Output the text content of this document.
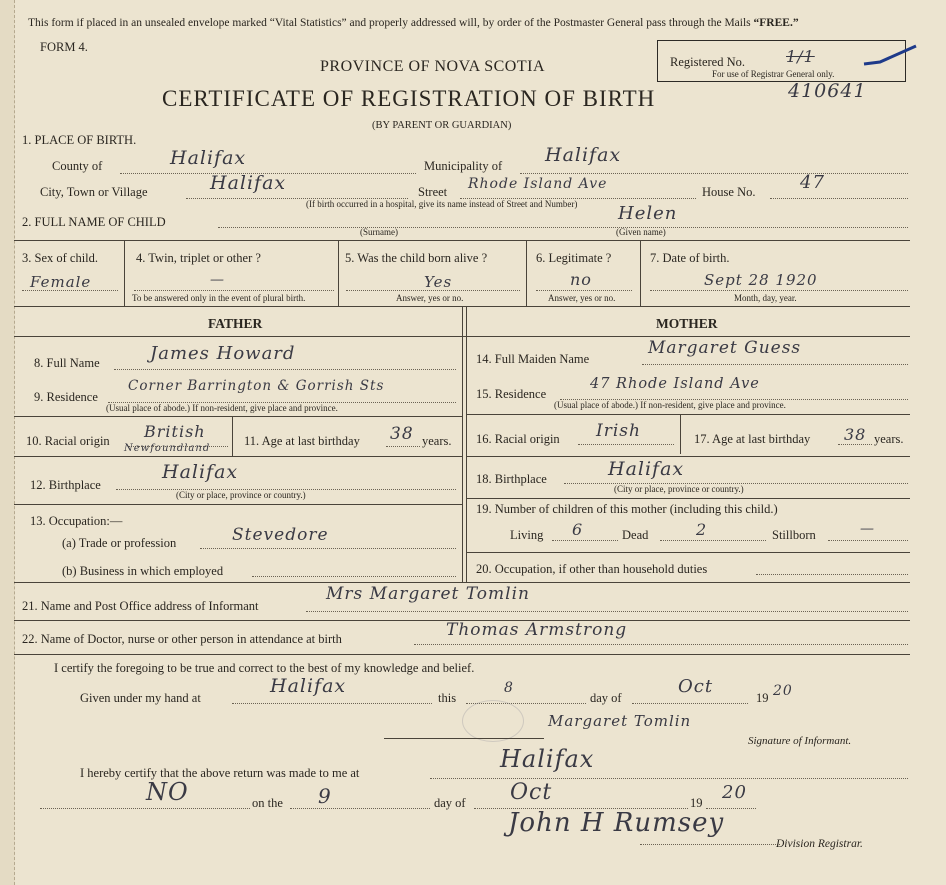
This form if placed in an unsealed envelope marked “Vital Statistics” and properly addressed will, by order of the Postmaster General pass through the Mails “FREE.”
FORM 4.
PROVINCE OF NOVA SCOTIA
CERTIFICATE OF REGISTRATION OF BIRTH
(BY PARENT OR GUARDIAN)
Registered No.	1/1
For use of Registrar General only.
410641
1. PLACE OF BIRTH.
County of	Halifax	Municipality of Halifax
City, Town or Village	Halifax	Street Rhode Island Ave	House No. 47
(If birth occurred in a hospital, give its name instead of Street and Number)
2. FULL NAME OF CHILD	Helen
(Surname)	(Given name)
3. Sex of child.
Female
4. Twin, triplet or other ?
—
To be answered only in the event of plural birth.
5. Was the child born alive ?
Yes
Answer, yes or no.
6. Legitimate ?
no
Answer, yes or no.
7. Date of birth.
Sept 28 1920
Month, day, year.
FATHER	MOTHER
8. Full Name	James Howard
9. Residence
Corner Barrington & Gorrish Sts
(Usual place of abode.) If non-resident, give place and province.
10. Racial origin British
Newfoundland
11. Age at last birthday 38 years.
12. Birthplace
Halifax
(City or place, province or country.)
13. Occupation:—
(a) Trade or profession	Stevedore
(b) Business in which employed
14. Full Maiden Name
Margaret Guess
15. Residence
47 Rhode Island Ave
(Usual place of abode.) If non-resident, give place and province.
16. Racial origin Irish	17. Age at last birthday 38 years.
18. Birthplace	Halifax
(City or place, province or country.)
19. Number of children of this mother (including this child.)
Living 6	Dead	2	Stillborn	—
20. Occupation, if other than household duties
21. Name and Post Office address of Informant
Mrs Margaret Tomlin
22. Name of Doctor, nurse or other person in attendance at birth	Thomas Armstrong
I certify the foregoing to be true and correct to the best of my knowledge and belief.
Given under my hand at
Halifax
this
8
day of
Oct
19 20
Margaret Tomlin
Signature of Informant.
I hereby certify that the above return was made to me at	Halifax
NO	on the 9	day of Oct	19 20
John H Rumsey
Division Registrar.
